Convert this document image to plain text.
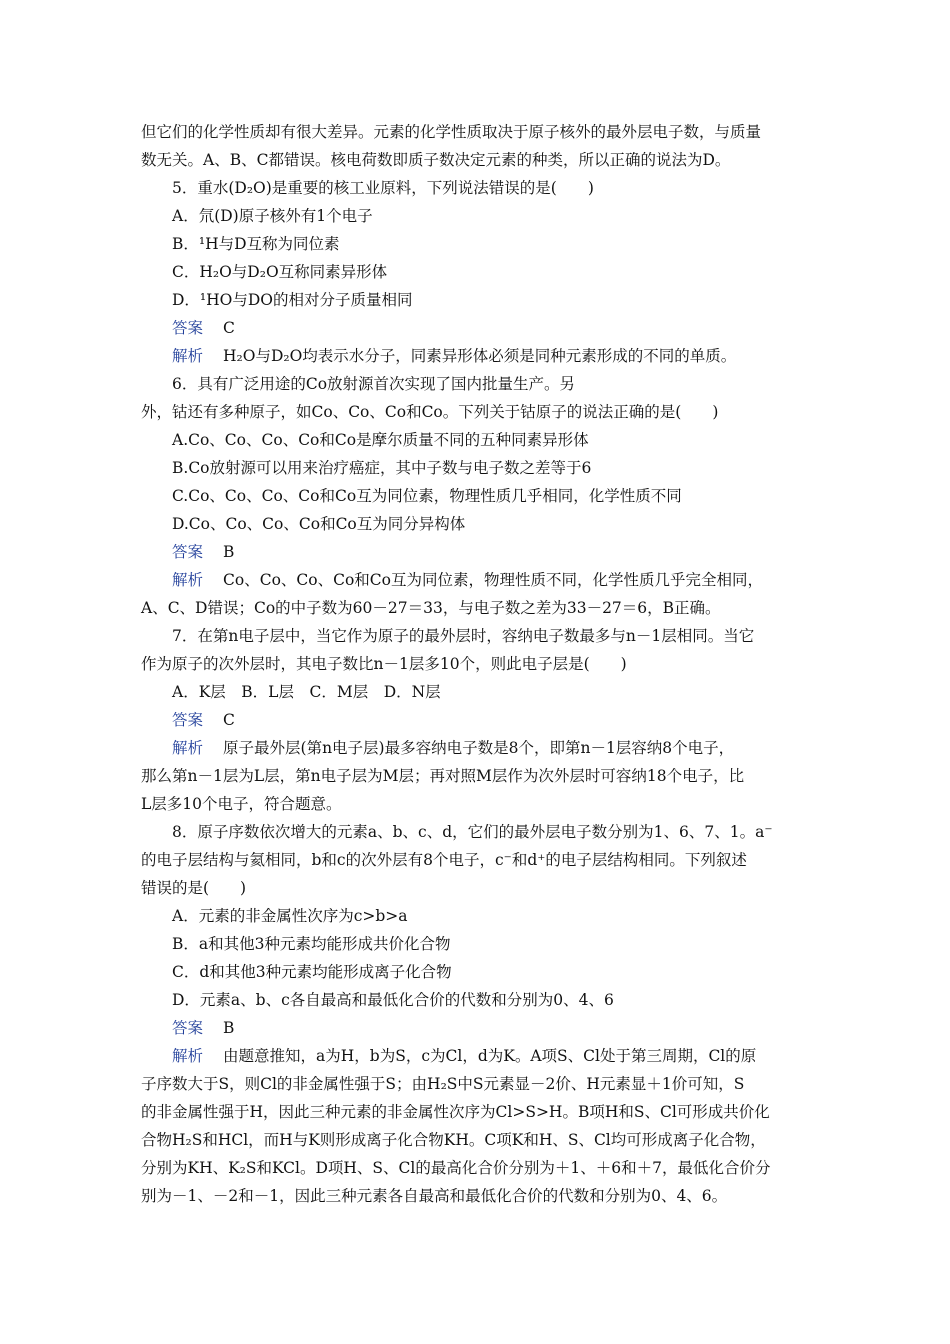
但它们的化学性质却有很大差异。元素的化学性质取决于原子核外的最外层电子数，与质量
数无关。A、B、C都错误。核电荷数即质子数决定元素的种类，所以正确的说法为D。
5．重水(D₂O)是重要的核工业原料，下列说法错误的是(　　)
A．氘(D)原子核外有1个电子
B．¹H与D互称为同位素
C．H₂O与D₂O互称同素异形体
D．¹HO与DO的相对分子质量相同
答案 C
解析 H₂O与D₂O均表示水分子，同素异形体必须是同种元素形成的不同的单质。
6．具有广泛用途的Co放射源首次实现了国内批量生产。另
外，钴还有多种原子，如Co、Co、Co和Co。下列关于钴原子的说法正确的是(　　)
A.Co、Co、Co、Co和Co是摩尔质量不同的五种同素异形体
B.Co放射源可以用来治疗癌症，其中子数与电子数之差等于6
C.Co、Co、Co、Co和Co互为同位素，物理性质几乎相同，化学性质不同
D.Co、Co、Co、Co和Co互为同分异构体
答案 B
解析 Co、Co、Co、Co和Co互为同位素，物理性质不同，化学性质几乎完全相同，
A、C、D错误；Co的中子数为60－27＝33，与电子数之差为33－27＝6，B正确。
7．在第n电子层中，当它作为原子的最外层时，容纳电子数最多与n－1层相同。当它
作为原子的次外层时，其电子数比n－1层多10个，则此电子层是(　　)
A．K层　B．L层　C．M层　D．N层
答案 C
解析 原子最外层(第n电子层)最多容纳电子数是8个，即第n－1层容纳8个电子，
那么第n－1层为L层，第n电子层为M层；再对照M层作为次外层时可容纳18个电子，比
L层多10个电子，符合题意。
8．原子序数依次增大的元素a、b、c、d，它们的最外层电子数分别为1、6、7、1。a⁻
的电子层结构与氦相同，b和c的次外层有8个电子，c⁻和d⁺的电子层结构相同。下列叙述
错误的是(　　)
A．元素的非金属性次序为c>b>a
B．a和其他3种元素均能形成共价化合物
C．d和其他3种元素均能形成离子化合物
D．元素a、b、c各自最高和最低化合价的代数和分别为0、4、6
答案 B
解析 由题意推知，a为H，b为S，c为Cl，d为K。A项S、Cl处于第三周期，Cl的原
子序数大于S，则Cl的非金属性强于S；由H₂S中S元素显－2价、H元素显＋1价可知，S
的非金属性强于H，因此三种元素的非金属性次序为Cl>S>H。B项H和S、Cl可形成共价化
合物H₂S和HCl，而H与K则形成离子化合物KH。C项K和H、S、Cl均可形成离子化合物，
分别为KH、K₂S和KCl。D项H、S、Cl的最高化合价分别为＋1、＋6和＋7，最低化合价分
别为－1、－2和－1，因此三种元素各自最高和最低化合价的代数和分别为0、4、6。
